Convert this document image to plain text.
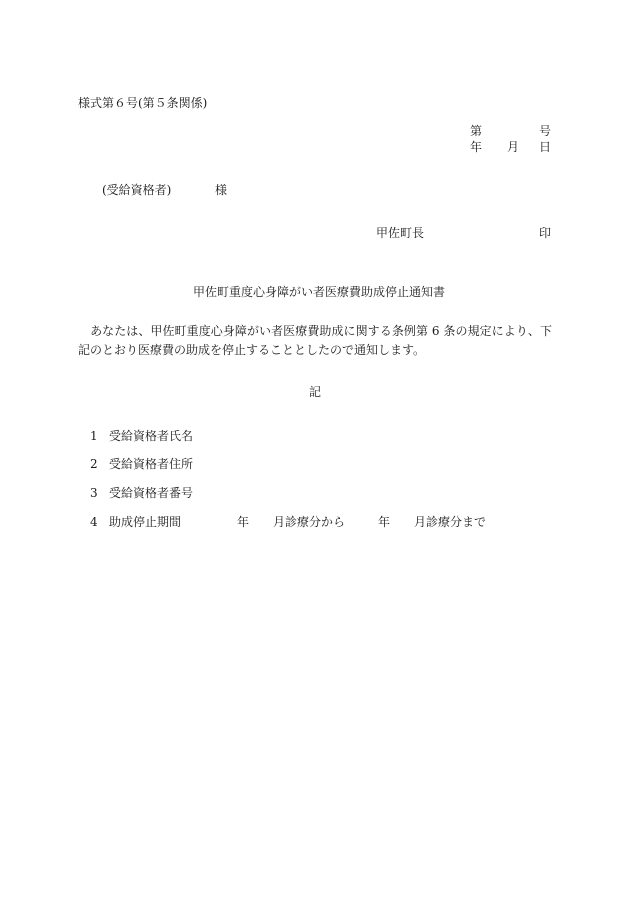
様式第６号(第５条関係)
第	号
年 月 日
(受給資格者)	様
甲佐町長	印
甲佐町重度心身障がい者医療費助成停止通知書
　あなたは、甲佐町重度心身障がい者医療費助成に関する条例第 6 条の規定により、下記のとおり医療費の助成を停止することとしたので通知します。
記
1 受給資格者氏名
2 受給資格者住所
3 受給資格者番号
4 助成停止期間	年 月診療分から	年 月診療分まで
